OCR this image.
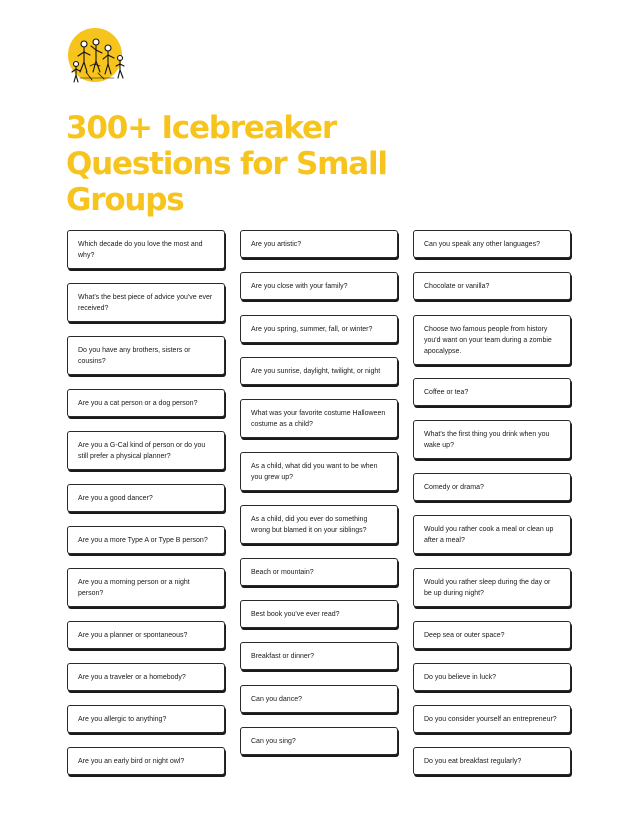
300+ Icebreaker
Questions for Small
Groups
Which decade do you love the most and why?
What's the best piece of advice you've ever received?
Do you have any brothers, sisters or cousins?
Are you a cat person or a dog person?
Are you a G-Cal kind of person or do you still prefer a physical planner?
Are you a good dancer?
Are you a more Type A or Type B person?
Are you a morning person or a night person?
Are you a planner or spontaneous?
Are you a traveler or a homebody?
Are you allergic to anything?
Are you an early bird or night owl?
Are you artistic?
Are you close with your family?
Are you spring, summer, fall, or winter?
Are you sunrise, daylight, twilight, or night
What was your favorite costume Halloween costume as a child?
As a child, what did you want to be when you grew up?
As a child, did you ever do something wrong but blamed it on your siblings?
Beach or mountain?
Best book you've ever read?
Breakfast or dinner?
Can you dance?
Can you sing?
Can you speak any other languages?
Chocolate or vanilla?
Choose two famous people from history you'd want on your team during a zombie apocalypse.
Coffee or tea?
What's the first thing you drink when you wake up?
Comedy or drama?
Would you rather cook a meal or clean up after a meal?
Would you rather sleep during the day or be up during night?
Deep sea or outer space?
Do you believe in luck?
Do you consider yourself an entrepreneur?
Do you eat breakfast regularly?
